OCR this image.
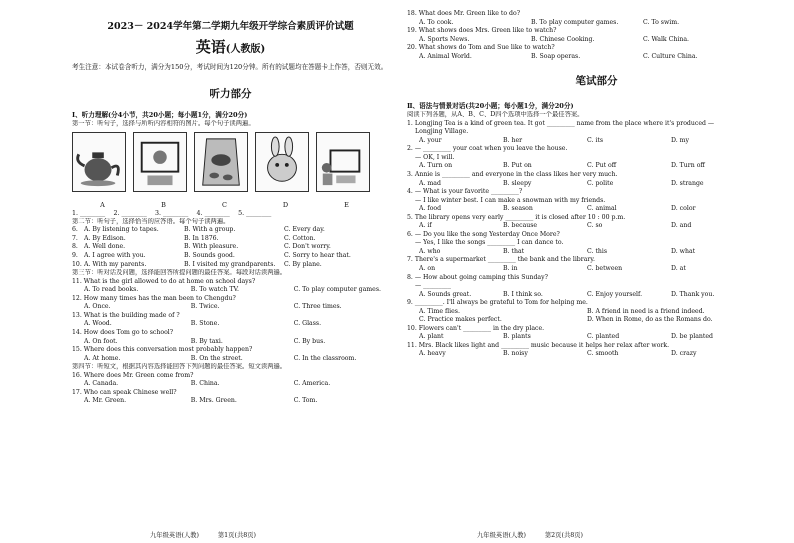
2023－ 2024学年第二学期九年级开学综合素质评价试题
英语(人教版)
考生注意：本试卷含听力，满分为150分，考试时间为120分钟。所有的试题均在答题卡上作答，否则无效。
听力部分
Ⅰ、听力理解(分4小节，共20小题；每小题1分，满分20分)
第一节：听句子，选择与所听内容相符的图片。每个句子读两遍。
A	B	C	D	E
1. ________　 2. ________　 3. ________　 4. ________　 5. ________
第二节：听句子，选择恰当的应答语。每个句子读两遍。
6. A. By listening to tapes.	B. With a group.	C. Every day.
7. A. By Edison.	B. In 1876.	C. Cotton.
8. A. Well done.	B. With pleasure.	C. Don't worry.
9. A. I agree with you.	B. Sounds good.	C. Sorry to hear that.
10. A. With my parents.	B. I visited my grandparents.	C. By plane.
第三节：听对话及问题，选择能回答所提问题的最佳答案。每段对话读两遍。
11. What is the girl allowed to do at home on school days?
A. To read books.	B. To watch TV.	C. To play computer games.
12. How many times has the man been to Chengdu?
A. Once.	B. Twice.	C. Three times.
13. What is the building made of ?
A. Wood.	B. Stone.	C. Glass.
14. How does Tom go to school?
A. On foot.	B. By taxi.	C. By bus.
15. Where does this conversation most probably happen?
A. At home.	B. On the street.	C. In the classroom.
第四节：听短文，根据其内容选择能回答下列问题的最佳答案。短文读两遍。
16. Where does Mr. Green come from?
A. Canada.	B. China.	C. America.
17. Who can speak Chinese well?
A. Mr. Green.	B. Mrs. Green.	C. Tom.
九年级英语(人教)　　　第1页(共8页)
18. What does Mr. Green like to do?
A. To cook.	B. To play computer games.	C. To swim.
19. What shows does Mrs. Green like to watch?
A. Sports News.	B. Chinese Cooking.	C. Walk China.
20. What shows do Tom and Sue like to watch?
A. Animal World.	B. Soap operas.	C. Culture China.
笔试部分
Ⅱ、语法与情景对话(共20小题；每小题1分，满分20分)
阅读下列各题，从A、B、C、D四个选项中选择一个最佳答案。
1. Longjing Tea is a kind of green tea. It got _________ name from the place where it's produced —
Longjing Village.
A. your	B. her	C. its	D. my
2. — _________ your coat when you leave the house.
— OK, I will.
A. Turn on	B. Put on	C. Put off	D. Turn off
3. Annie is _________ and everyone in the class likes her very much.
A. mad	B. sleepy	C. polite	D. strange
4. — What is your favorite _________?
— I like winter best. I can make a snowman with my friends.
A. food	B. season	C. animal	D. color
5. The library opens very early _________ it is closed after 10 : 00 p.m.
A. if	B. because	C. so	D. and
6. — Do you like the song Yesterday Once More?
— Yes, I like the songs _________ I can dance to.
A. who	B. that	C. this	D. what
7. There's a supermarket _________ the bank and the library.
A. on	B. in	C. between	D. at
8. — How about going camping this Sunday?
— _________
A. Sounds great.	B. I think so.	C. Enjoy yourself.	D. Thank you.
9. _________. I'll always be grateful to Tom for helping me.
A. Time flies.	B. A friend in need is a friend indeed.
C. Practice makes perfect.	D. When in Rome, do as the Romans do.
10. Flowers can't _________ in the dry place.
A. plant	B. plants	C. planted	D. be planted
11. Mrs. Black likes light and _________ music because it helps her relax after work.
A. heavy	B. noisy	C. smooth	D. crazy
九年级英语(人教)　　　第2页(共8页)
